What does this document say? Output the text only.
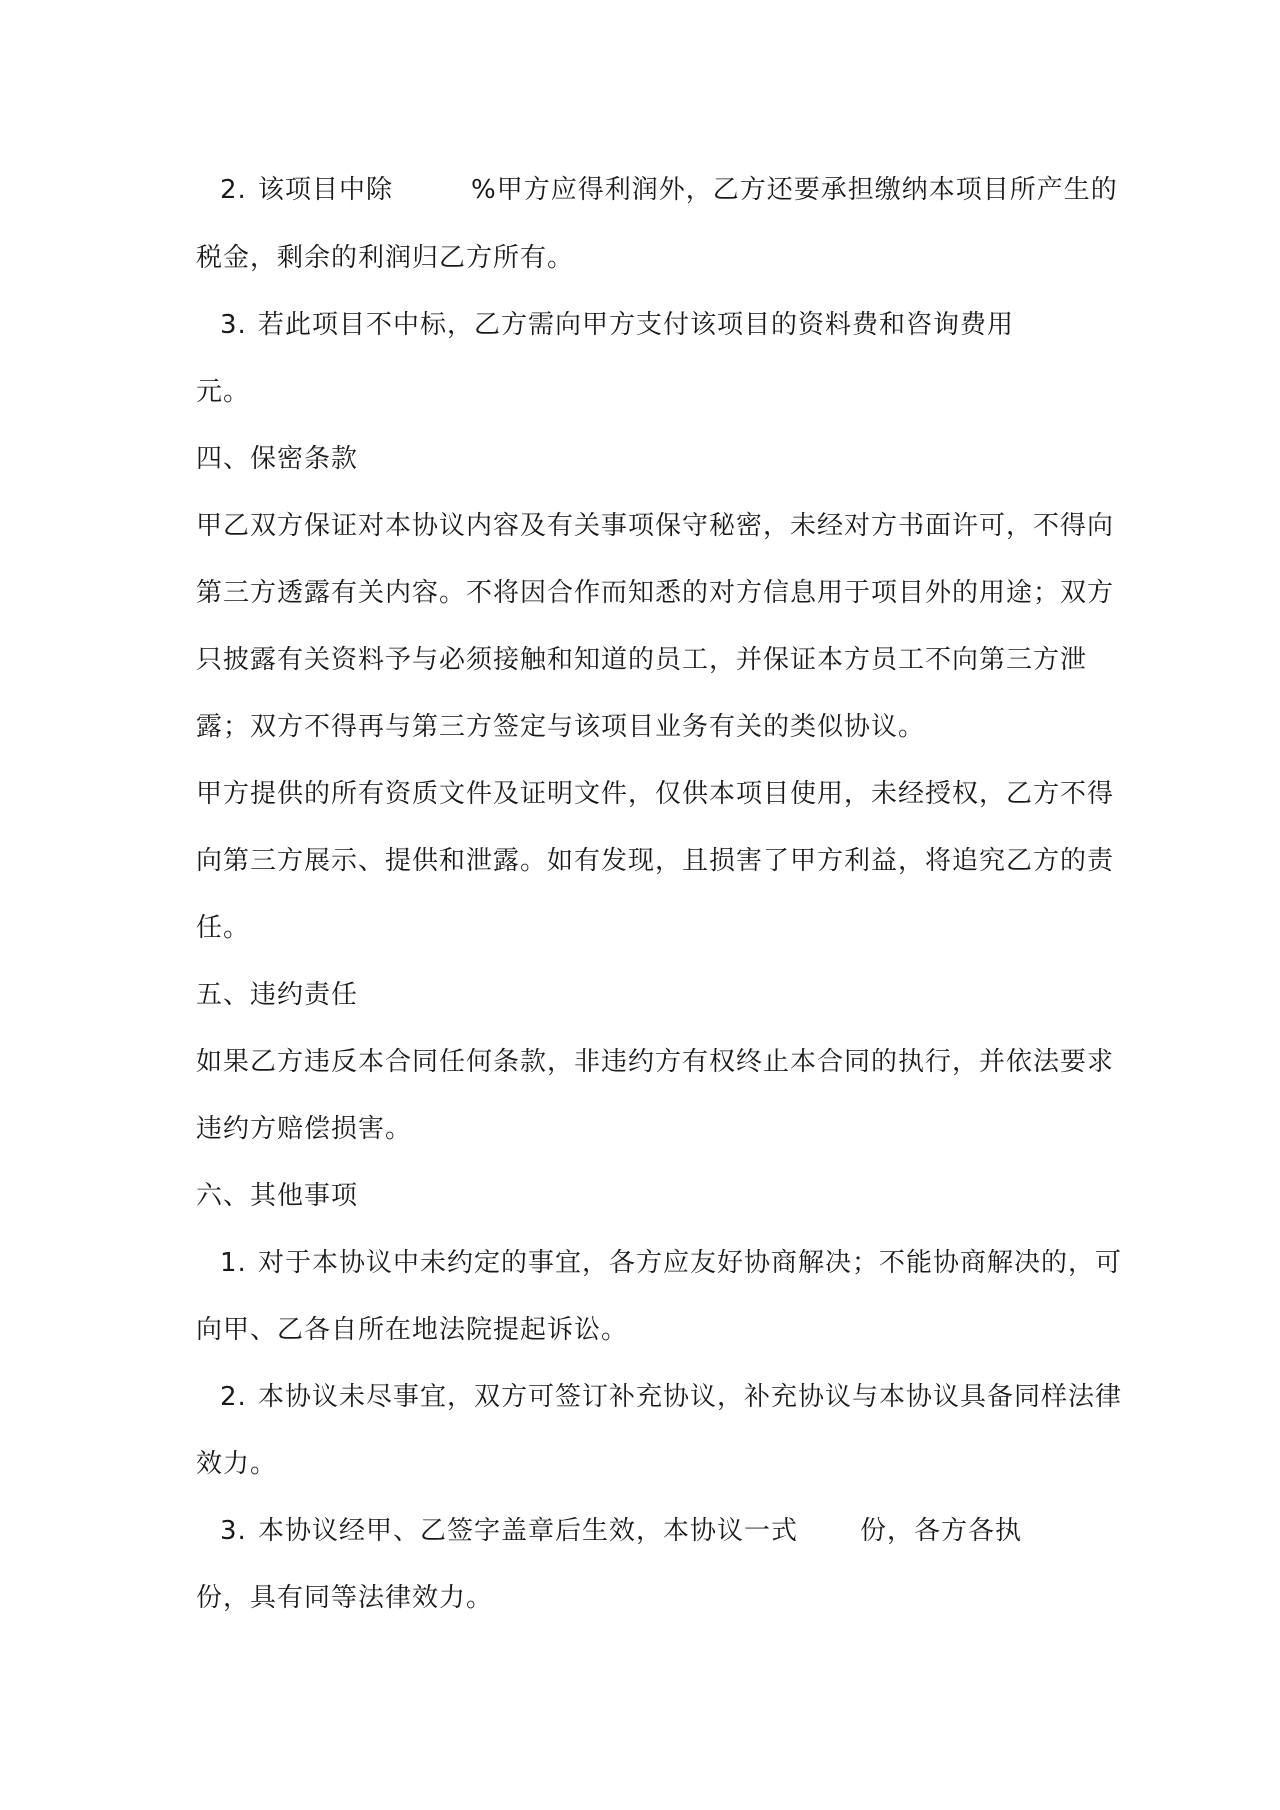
2. 该项目中除	%甲方应得利润外，乙方还要承担缴纳本项目所产生的
税金，剩余的利润归乙方所有。
3. 若此项目不中标，乙方需向甲方支付该项目的资料费和咨询费用
元。
四、保密条款
甲乙双方保证对本协议内容及有关事项保守秘密，未经对方书面许可，不得向
第三方透露有关内容。不将因合作而知悉的对方信息用于项目外的用途；双方
只披露有关资料予与必须接触和知道的员工，并保证本方员工不向第三方泄
露；双方不得再与第三方签定与该项目业务有关的类似协议。
甲方提供的所有资质文件及证明文件，仅供本项目使用，未经授权，乙方不得
向第三方展示、提供和泄露。如有发现，且损害了甲方利益，将追究乙方的责
任。
五、违约责任
如果乙方违反本合同任何条款，非违约方有权终止本合同的执行，并依法要求
违约方赔偿损害。
六、其他事项
1. 对于本协议中未约定的事宜，各方应友好协商解决；不能协商解决的，可
向甲、乙各自所在地法院提起诉讼。
2. 本协议未尽事宜，双方可签订补充协议，补充协议与本协议具备同样法律
效力。
3. 本协议经甲、乙签字盖章后生效，本协议一式 份，各方各执
份，具有同等法律效力。
